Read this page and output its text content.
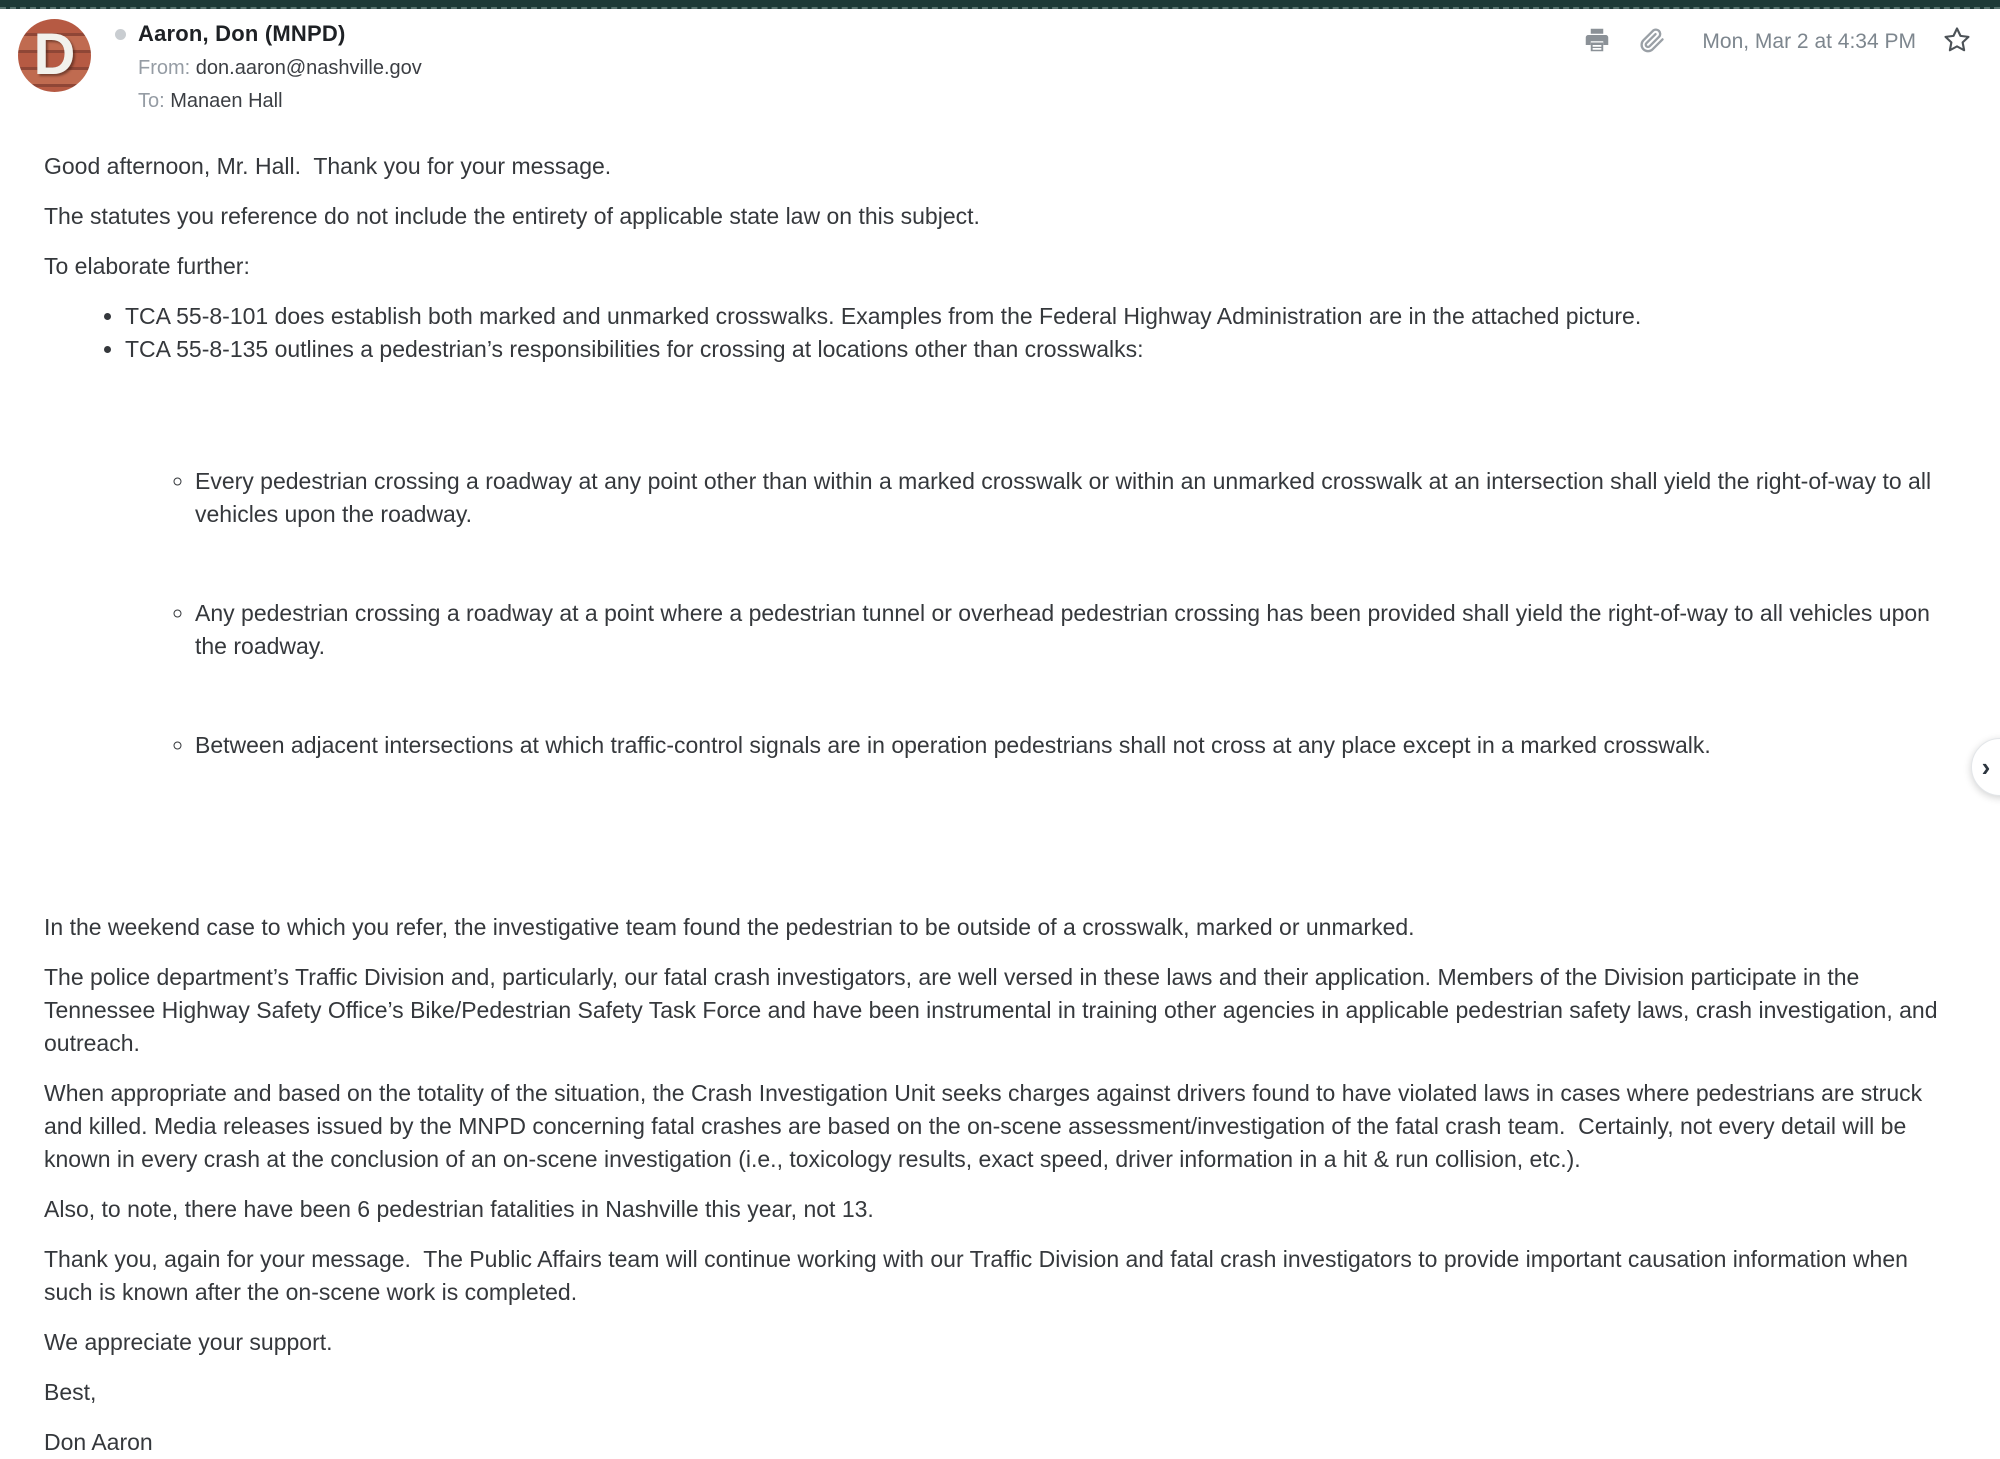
D	Aaron, Don (MNPD)
From: don.aaron@nashville.gov
To: Manaen Hall
Mon, Mar 2 at 4:34 PM

Good afternoon, Mr. Hall.  Thank you for your message.

The statutes you reference do not include the entirety of applicable state law on this subject.

To elaborate further:

• TCA 55-8-101 does establish both marked and unmarked crosswalks. Examples from the Federal Highway Administration are in the attached picture.
• TCA 55-8-135 outlines a pedestrian’s responsibilities for crossing at locations other than crosswalks:

◦ Every pedestrian crossing a roadway at any point other than within a marked crosswalk or within an unmarked crosswalk at an intersection shall yield the right-of-way to all vehicles upon the roadway.

◦ Any pedestrian crossing a roadway at a point where a pedestrian tunnel or overhead pedestrian crossing has been provided shall yield the right-of-way to all vehicles upon the roadway.

◦ Between adjacent intersections at which traffic-control signals are in operation pedestrians shall not cross at any place except in a marked crosswalk.

In the weekend case to which you refer, the investigative team found the pedestrian to be outside of a crosswalk, marked or unmarked.

The police department’s Traffic Division and, particularly, our fatal crash investigators, are well versed in these laws and their application. Members of the Division participate in the Tennessee Highway Safety Office’s Bike/Pedestrian Safety Task Force and have been instrumental in training other agencies in applicable pedestrian safety laws, crash investigation, and outreach.

When appropriate and based on the totality of the situation, the Crash Investigation Unit seeks charges against drivers found to have violated laws in cases where pedestrians are struck and killed. Media releases issued by the MNPD concerning fatal crashes are based on the on-scene assessment/investigation of the fatal crash team.  Certainly, not every detail will be known in every crash at the conclusion of an on-scene investigation (i.e., toxicology results, exact speed, driver information in a hit & run collision, etc.).

Also, to note, there have been 6 pedestrian fatalities in Nashville this year, not 13.

Thank you, again for your message.  The Public Affairs team will continue working with our Traffic Division and fatal crash investigators to provide important causation information when such is known after the on-scene work is completed.

We appreciate your support.

Best,

Don Aaron

›
